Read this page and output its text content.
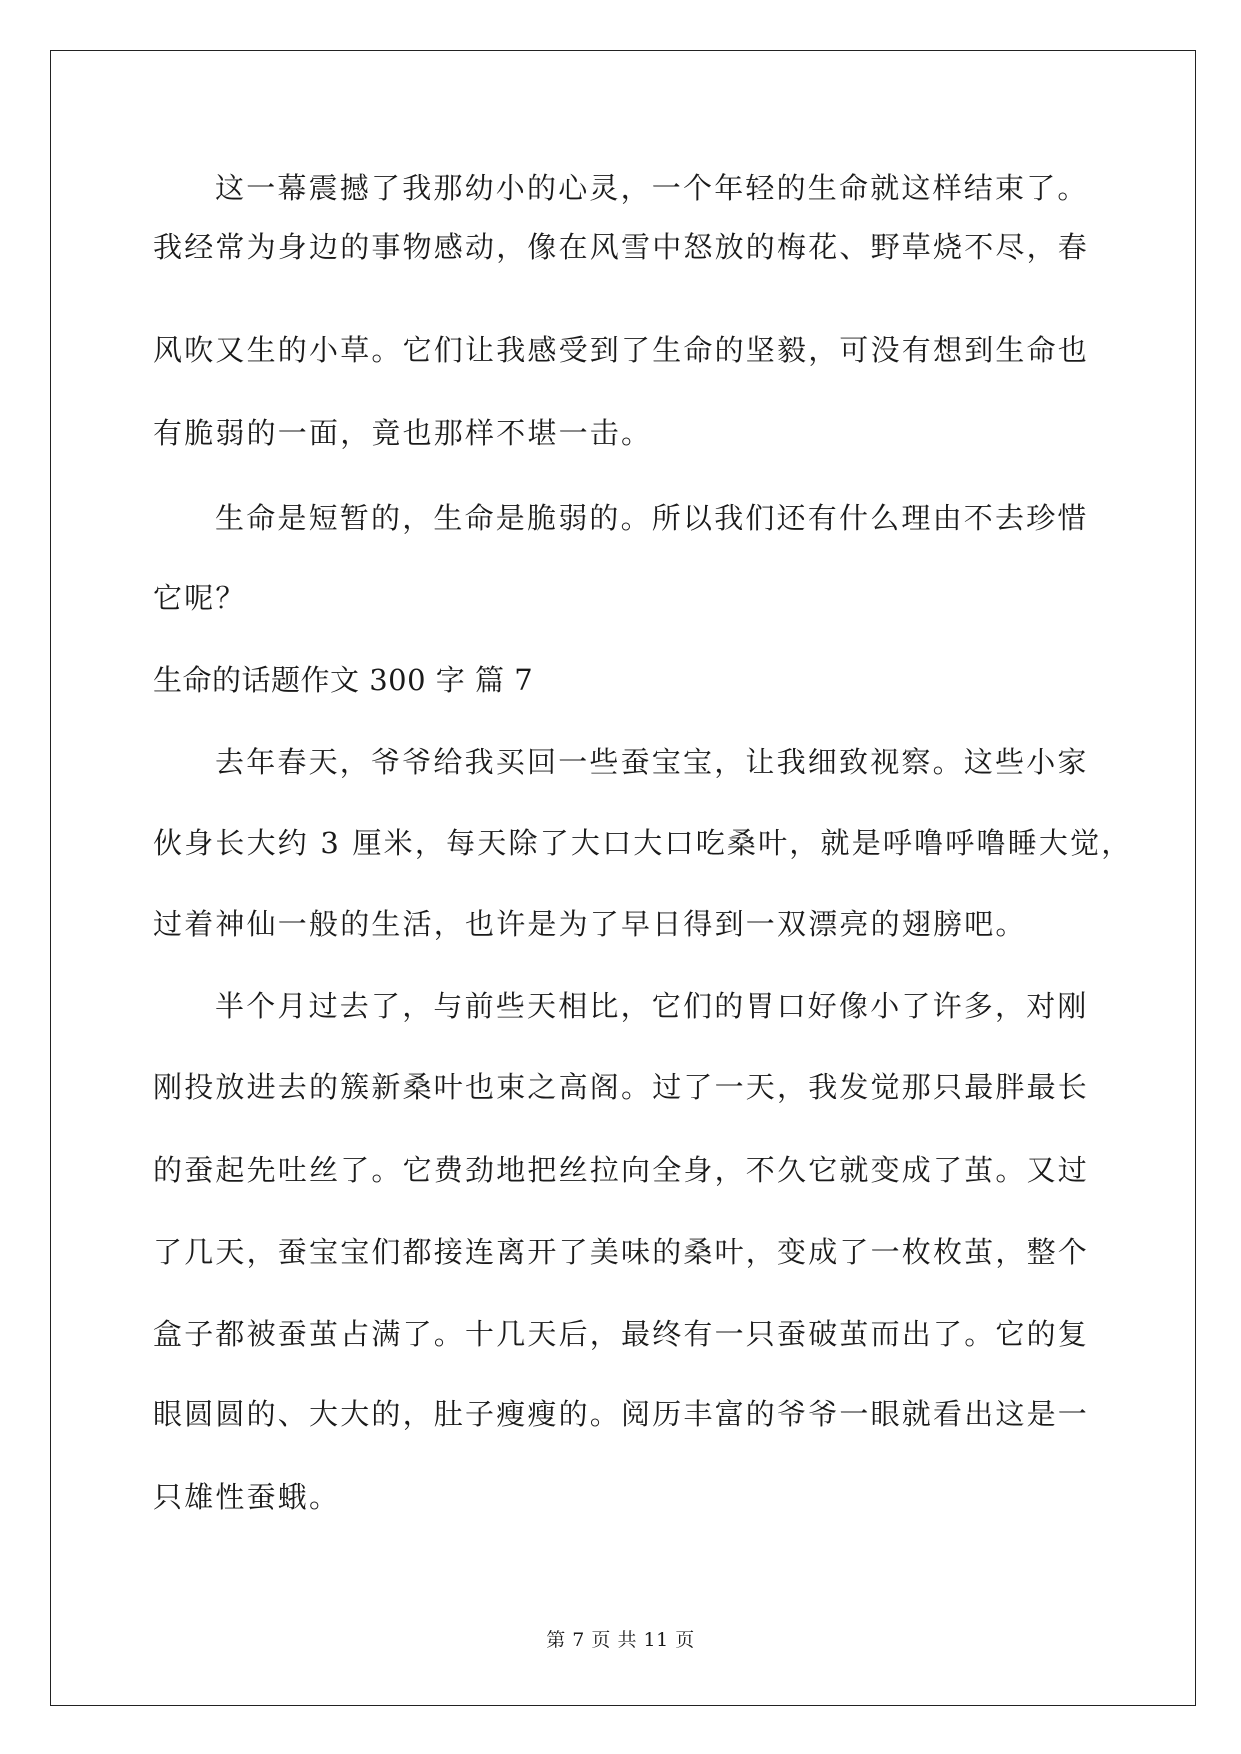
这一幕震撼了我那幼小的心灵，一个年轻的生命就这样结束了。
我经常为身边的事物感动，像在风雪中怒放的梅花、野草烧不尽，春
风吹又生的小草。它们让我感受到了生命的坚毅，可没有想到生命也
有脆弱的一面，竟也那样不堪一击。
生命是短暂的，生命是脆弱的。所以我们还有什么理由不去珍惜
它呢？
生命的话题作文 300 字 篇 7
去年春天，爷爷给我买回一些蚕宝宝，让我细致视察。这些小家
伙身长大约 3 厘米，每天除了大口大口吃桑叶，就是呼噜呼噜睡大觉，
过着神仙一般的生活，也许是为了早日得到一双漂亮的翅膀吧。
半个月过去了，与前些天相比，它们的胃口好像小了许多，对刚
刚投放进去的簇新桑叶也束之高阁。过了一天，我发觉那只最胖最长
的蚕起先吐丝了。它费劲地把丝拉向全身，不久它就变成了茧。又过
了几天，蚕宝宝们都接连离开了美味的桑叶，变成了一枚枚茧，整个
盒子都被蚕茧占满了。十几天后，最终有一只蚕破茧而出了。它的复
眼圆圆的、大大的，肚子瘦瘦的。阅历丰富的爷爷一眼就看出这是一
只雄性蚕蛾。
第 7 页 共 11 页
